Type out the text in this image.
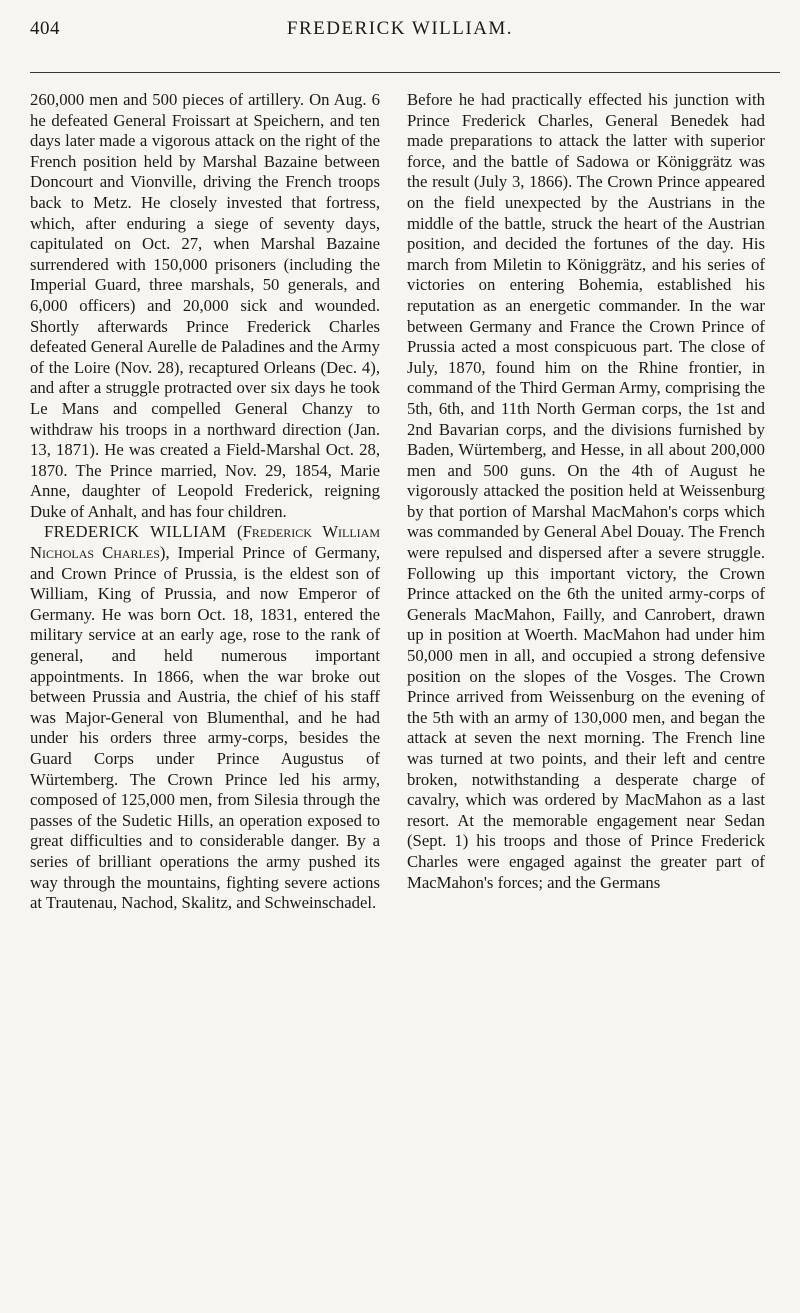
404	FREDERICK WILLIAM.

260,000 men and 500 pieces of artillery. On Aug. 6 he defeated General Froissart at Speichern, and ten days later made a vigorous attack on the right of the French position held by Marshal Bazaine between Doncourt and Vionville, driving the French troops back to Metz. He closely invested that fortress, which, after enduring a siege of seventy days, capitulated on Oct. 27, when Marshal Bazaine surrendered with 150,000 prisoners (including the Imperial Guard, three marshals, 50 generals, and 6,000 officers) and 20,000 sick and wounded. Shortly afterwards Prince Frederick Charles defeated General Aurelle de Paladines and the Army of the Loire (Nov. 28), recaptured Orleans (Dec. 4), and after a struggle protracted over six days he took Le Mans and compelled General Chanzy to withdraw his troops in a northward direction (Jan. 13, 1871). He was created a Field-Marshal Oct. 28, 1870. The Prince married, Nov. 29, 1854, Marie Anne, daughter of Leopold Frederick, reigning Duke of Anhalt, and has four children.

FREDERICK WILLIAM (Frederick William Nicholas Charles), Imperial Prince of Germany, and Crown Prince of Prussia, is the eldest son of William, King of Prussia, and now Emperor of Germany. He was born Oct. 18, 1831, entered the military service at an early age, rose to the rank of general, and held numerous important appointments. In 1866, when the war broke out between Prussia and Austria, the chief of his staff was Major-General von Blumenthal, and he had under his orders three army-corps, besides the Guard Corps under Prince Augustus of Würtemberg. The Crown Prince led his army, composed of 125,000 men, from Silesia through the passes of the Sudetic Hills, an operation exposed to great difficulties and to considerable danger. By a series of brilliant operations the army pushed its way through the mountains, fighting severe actions at Trautenau, Nachod, Skalitz, and Schweinschadel.

Before he had practically effected his junction with Prince Frederick Charles, General Benedek had made preparations to attack the latter with superior force, and the battle of Sadowa or Königgrätz was the result (July 3, 1866). The Crown Prince appeared on the field unexpected by the Austrians in the middle of the battle, struck the heart of the Austrian position, and decided the fortunes of the day. His march from Miletin to Königgrätz, and his series of victories on entering Bohemia, established his reputation as an energetic commander. In the war between Germany and France the Crown Prince of Prussia acted a most conspicuous part. The close of July, 1870, found him on the Rhine frontier, in command of the Third German Army, comprising the 5th, 6th, and 11th North German corps, the 1st and 2nd Bavarian corps, and the divisions furnished by Baden, Würtemberg, and Hesse, in all about 200,000 men and 500 guns. On the 4th of August he vigorously attacked the position held at Weissenburg by that portion of Marshal MacMahon's corps which was commanded by General Abel Douay. The French were repulsed and dispersed after a severe struggle. Following up this important victory, the Crown Prince attacked on the 6th the united army-corps of Generals MacMahon, Failly, and Canrobert, drawn up in position at Woerth. MacMahon had under him 50,000 men in all, and occupied a strong defensive position on the slopes of the Vosges. The Crown Prince arrived from Weissenburg on the evening of the 5th with an army of 130,000 men, and began the attack at seven the next morning. The French line was turned at two points, and their left and centre broken, notwithstanding a desperate charge of cavalry, which was ordered by MacMahon as a last resort. At the memorable engagement near Sedan (Sept. 1) his troops and those of Prince Frederick Charles were engaged against the greater part of MacMahon's forces; and the Germans
